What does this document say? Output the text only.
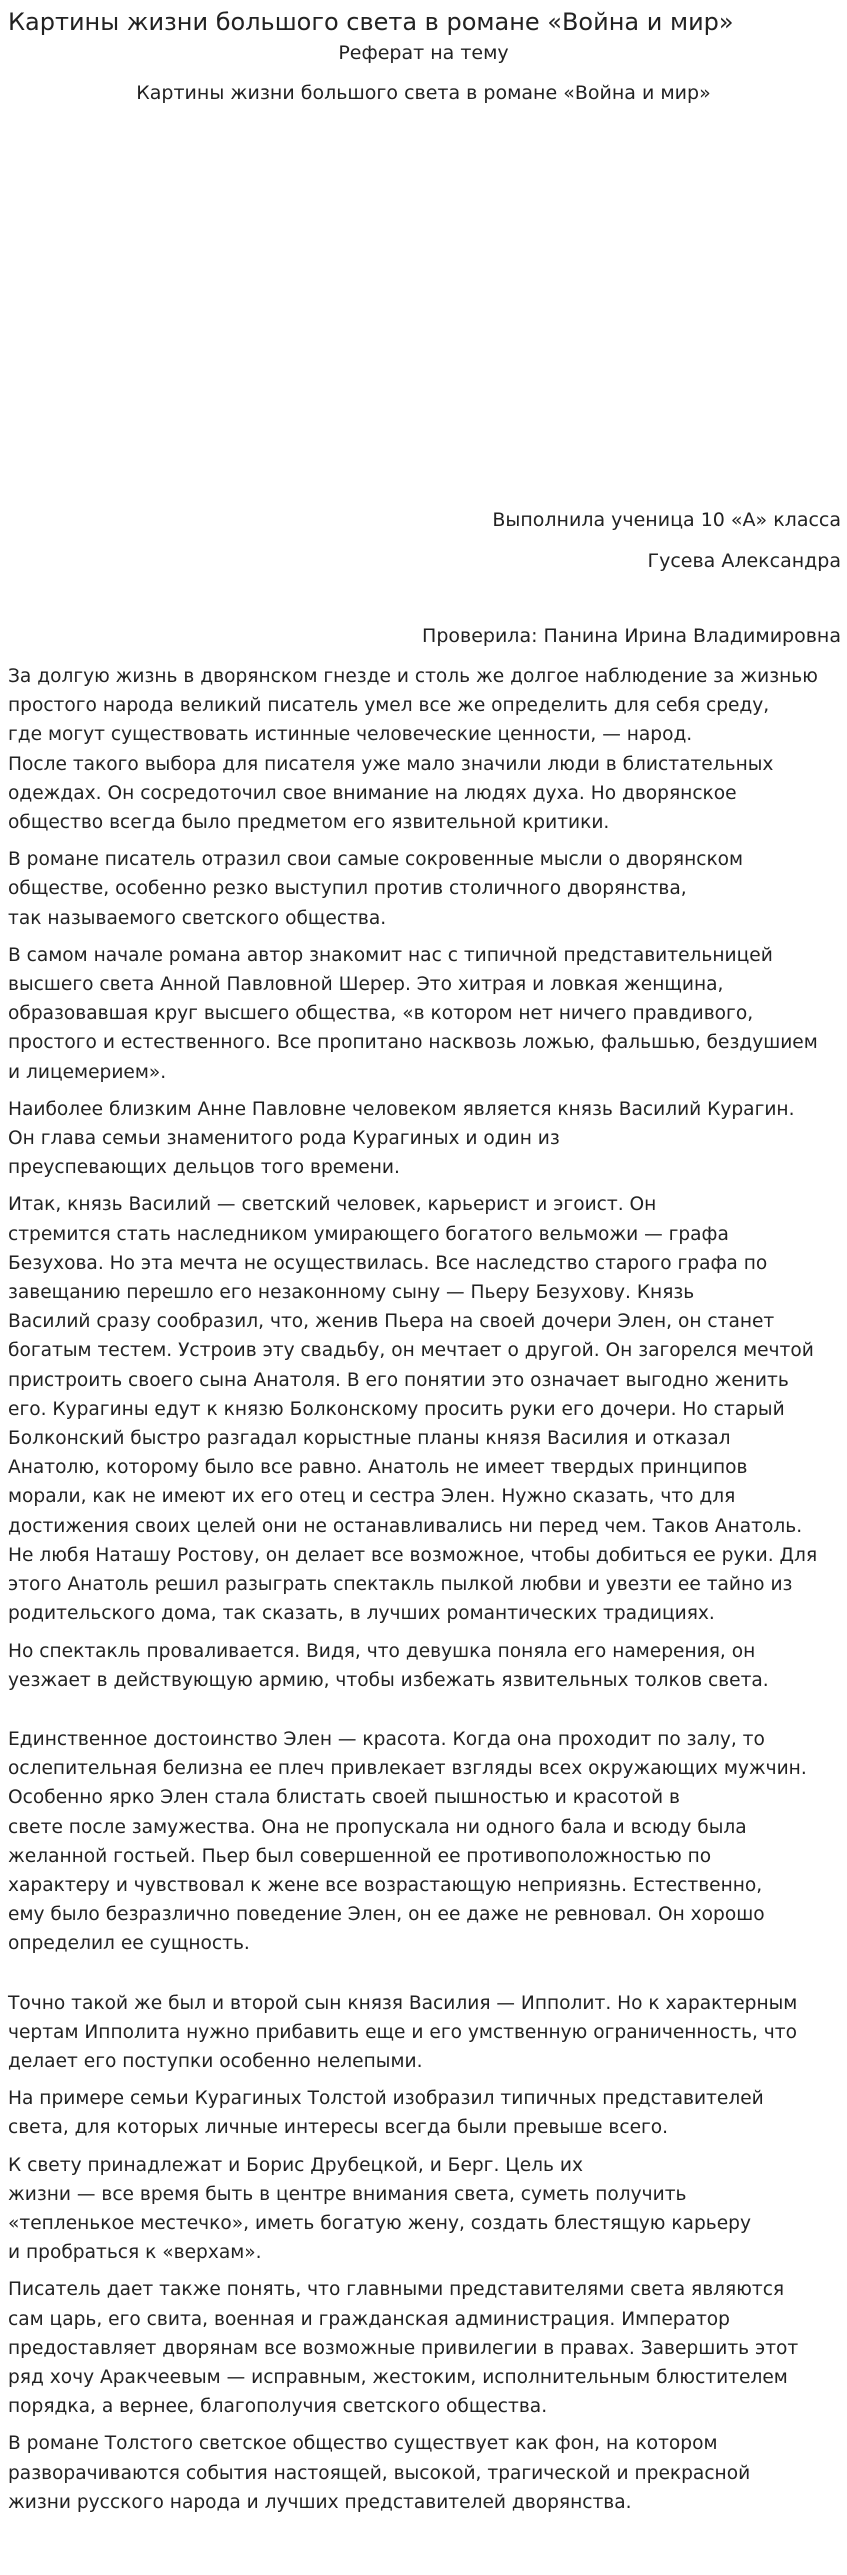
Картины жизни большого света в романе «Война и мир»
Реферат на тему
Картины жизни большого света в романе «Война и мир»
Выполнила ученица 10 «А» класса
Гусева Александра
Проверила: Панина Ирина Владимировна

За долгую жизнь в дворянском гнезде и столь же долгое наблюдение за жизнью
простого народа великий писатель умел все же определить для себя среду,
где могут существовать истинные человеческие ценности, — народ.
После такого выбора для писателя уже мало значили люди в блистательных
одеждах. Он сосредоточил свое внимание на людях духа. Но дворянское
общество всегда было предметом его язвительной критики.

В романе писатель отразил свои самые сокровенные мысли о дворянском
обществе, особенно резко выступил против столичного дворянства,
так называемого светского общества.

В самом начале романа автор знакомит нас с типичной представительницей
высшего света Анной Павловной Шерер. Это хитрая и ловкая женщина,
образовавшая круг высшего общества, «в котором нет ничего правдивого,
простого и естественного. Все пропитано насквозь ложью, фальшью, бездушием
и лицемерием».

Наиболее близким Анне Павловне человеком является князь Василий Курагин.
Он глава семьи знаменитого рода Курагиных и один из
преуспевающих дельцов того времени.

Итак, князь Василий — светский человек, карьерист и эгоист. Он
стремится стать наследником умирающего богатого вельможи — графа
Безухова. Но эта мечта не осуществилась. Все наследство старого графа по
завещанию перешло его незаконному сыну — Пьеру Безухову. Князь
Василий сразу сообразил, что, женив Пьера на своей дочери Элен, он станет
богатым тестем. Устроив эту свадьбу, он мечтает о другой. Он загорелся мечтой
пристроить своего сына Анатоля. В его понятии это означает выгодно женить
его. Курагины едут к князю Болконскому просить руки его дочери. Но старый
Болконский быстро разгадал корыстные планы князя Василия и отказал
Анатолю, которому было все равно. Анатоль не имеет твердых принципов
морали, как не имеют их его отец и сестра Элен. Нужно сказать, что для
достижения своих целей они не останавливались ни перед чем. Таков Анатоль.
Не любя Наташу Ростову, он делает все возможное, чтобы добиться ее руки. Для
этого Анатоль решил разыграть спектакль пылкой любви и увезти ее тайно из
родительского дома, так сказать, в лучших романтических традициях.

Но спектакль проваливается. Видя, что девушка поняла его намерения, он
уезжает в действующую армию, чтобы избежать язвительных толков света.

Единственное достоинство Элен — красота. Когда она проходит по залу, то
ослепительная белизна ее плеч привлекает взгляды всех окружающих мужчин.
Особенно ярко Элен стала блистать своей пышностью и красотой в
свете после замужества. Она не пропускала ни одного бала и всюду была
желанной гостьей. Пьер был совершенной ее противоположностью по
характеру и чувствовал к жене все возрастающую неприязнь. Естественно,
ему было безразлично поведение Элен, он ее даже не ревновал. Он хорошо
определил ее сущность.

Точно такой же был и второй сын князя Василия — Ипполит. Но к характерным
чертам Ипполита нужно прибавить еще и его умственную ограниченность, что
делает его поступки особенно нелепыми.

На примере семьи Курагиных Толстой изобразил типичных представителей
света, для которых личные интересы всегда были превыше всего.

К свету принадлежат и Борис Друбецкой, и Берг. Цель их
жизни — все время быть в центре внимания света, суметь получить
«тепленькое местечко», иметь богатую жену, создать блестящую карьеру
и пробраться к «верхам».

Писатель дает также понять, что главными представителями света являются
сам царь, его свита, военная и гражданская администрация. Император
предоставляет дворянам все возможные привилегии в правах. Завершить этот
ряд хочу Аракчеевым — исправным, жестоким, исполнительным блюстителем
порядка, а вернее, благополучия светского общества.

В романе Толстого светское общество существует как фон, на котором
разворачиваются события настоящей, высокой, трагической и прекрасной
жизни русского народа и лучших представителей дворянства.
